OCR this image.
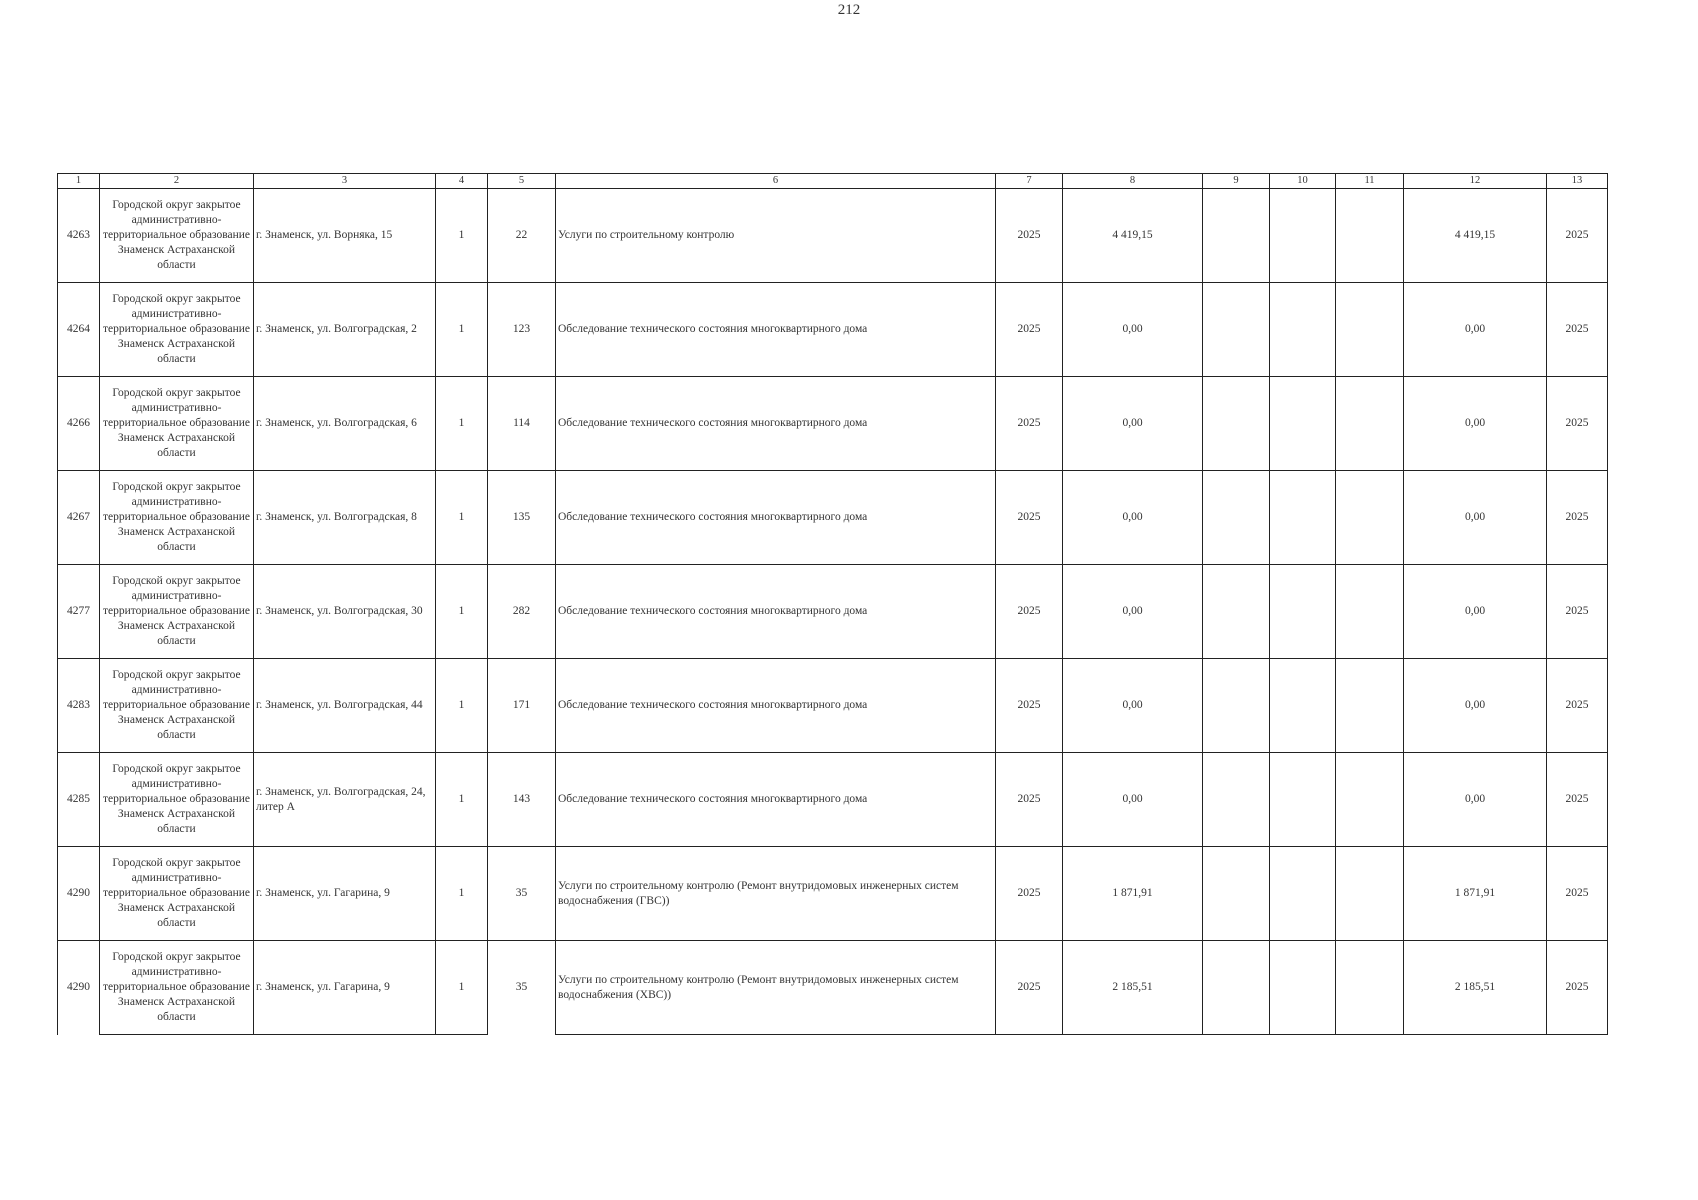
212
1	2	3	4	5	6	7	8	9	10	11	12	13
4263	Городской округ закрытое административно-территориальное образование Знаменск Астраханской области	г. Знаменск, ул. Ворняка, 15	1	22	Услуги по строительному контролю	2025	4 419,15				4 419,15	2025
4264	Городской округ закрытое административно-территориальное образование Знаменск Астраханской области	г. Знаменск, ул. Волгоградская, 2	1	123	Обследование технического состояния многоквартирного дома	2025	0,00				0,00	2025
4266	Городской округ закрытое административно-территориальное образование Знаменск Астраханской области	г. Знаменск, ул. Волгоградская, 6	1	114	Обследование технического состояния многоквартирного дома	2025	0,00				0,00	2025
4267	Городской округ закрытое административно-территориальное образование Знаменск Астраханской области	г. Знаменск, ул. Волгоградская, 8	1	135	Обследование технического состояния многоквартирного дома	2025	0,00				0,00	2025
4277	Городской округ закрытое административно-территориальное образование Знаменск Астраханской области	г. Знаменск, ул. Волгоградская, 30	1	282	Обследование технического состояния многоквартирного дома	2025	0,00				0,00	2025
4283	Городской округ закрытое административно-территориальное образование Знаменск Астраханской области	г. Знаменск, ул. Волгоградская, 44	1	171	Обследование технического состояния многоквартирного дома	2025	0,00				0,00	2025
4285	Городской округ закрытое административно-территориальное образование Знаменск Астраханской области	г. Знаменск, ул. Волгоградская, 24, литер А	1	143	Обследование технического состояния многоквартирного дома	2025	0,00				0,00	2025
4290	Городской округ закрытое административно-территориальное образование Знаменск Астраханской области	г. Знаменск, ул. Гагарина, 9	1	35	Услуги по строительному контролю (Ремонт внутридомовых инженерных систем водоснабжения (ГВС))	2025	1 871,91				1 871,91	2025
4290	Городской округ закрытое административно-территориальное образование Знаменск Астраханской области	г. Знаменск, ул. Гагарина, 9	1	35	Услуги по строительному контролю (Ремонт внутридомовых инженерных систем водоснабжения (ХВС))	2025	2 185,51				2 185,51	2025
